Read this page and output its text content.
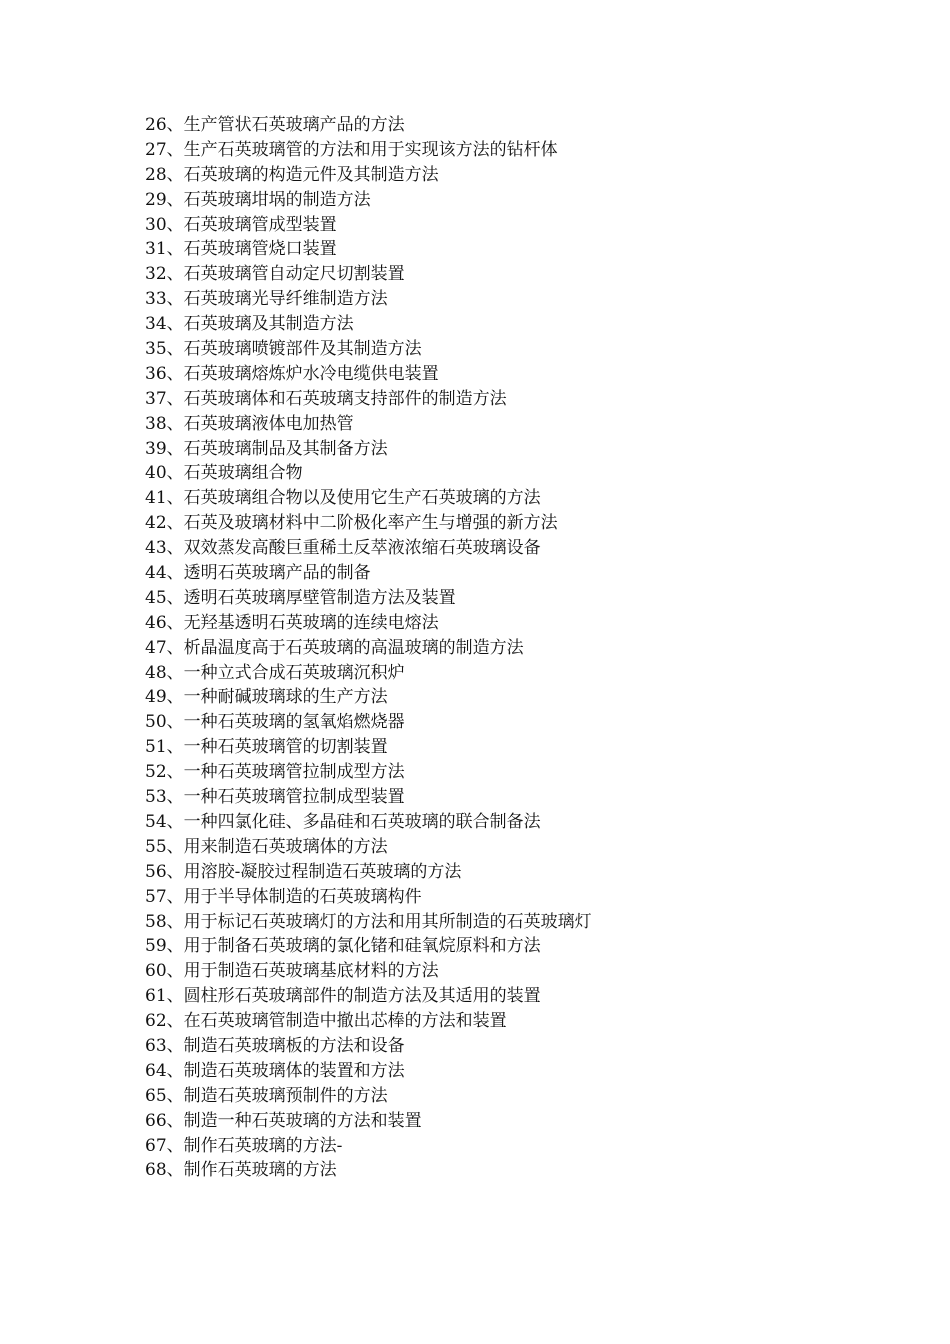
26、生产管状石英玻璃产品的方法
27、生产石英玻璃管的方法和用于实现该方法的钻杆体
28、石英玻璃的构造元件及其制造方法
29、石英玻璃坩埚的制造方法
30、石英玻璃管成型装置
31、石英玻璃管烧口装置
32、石英玻璃管自动定尺切割装置
33、石英玻璃光导纤维制造方法
34、石英玻璃及其制造方法
35、石英玻璃喷镀部件及其制造方法
36、石英玻璃熔炼炉水冷电缆供电装置
37、石英玻璃体和石英玻璃支持部件的制造方法
38、石英玻璃液体电加热管
39、石英玻璃制品及其制备方法
40、石英玻璃组合物
41、石英玻璃组合物以及使用它生产石英玻璃的方法
42、石英及玻璃材料中二阶极化率产生与增强的新方法
43、双效蒸发高酸巨重稀土反萃液浓缩石英玻璃设备
44、透明石英玻璃产品的制备
45、透明石英玻璃厚壁管制造方法及装置
46、无羟基透明石英玻璃的连续电熔法
47、析晶温度高于石英玻璃的高温玻璃的制造方法
48、一种立式合成石英玻璃沉积炉
49、一种耐碱玻璃球的生产方法
50、一种石英玻璃的氢氧焰燃烧器
51、一种石英玻璃管的切割装置
52、一种石英玻璃管拉制成型方法
53、一种石英玻璃管拉制成型装置
54、一种四氯化硅、多晶硅和石英玻璃的联合制备法
55、用来制造石英玻璃体的方法
56、用溶胶-凝胶过程制造石英玻璃的方法
57、用于半导体制造的石英玻璃构件
58、用于标记石英玻璃灯的方法和用其所制造的石英玻璃灯
59、用于制备石英玻璃的氯化锗和硅氧烷原料和方法
60、用于制造石英玻璃基底材料的方法
61、圆柱形石英玻璃部件的制造方法及其适用的装置
62、在石英玻璃管制造中撤出芯棒的方法和装置
63、制造石英玻璃板的方法和设备
64、制造石英玻璃体的装置和方法
65、制造石英玻璃预制件的方法
66、制造一种石英玻璃的方法和装置
67、制作石英玻璃的方法-
68、制作石英玻璃的方法
